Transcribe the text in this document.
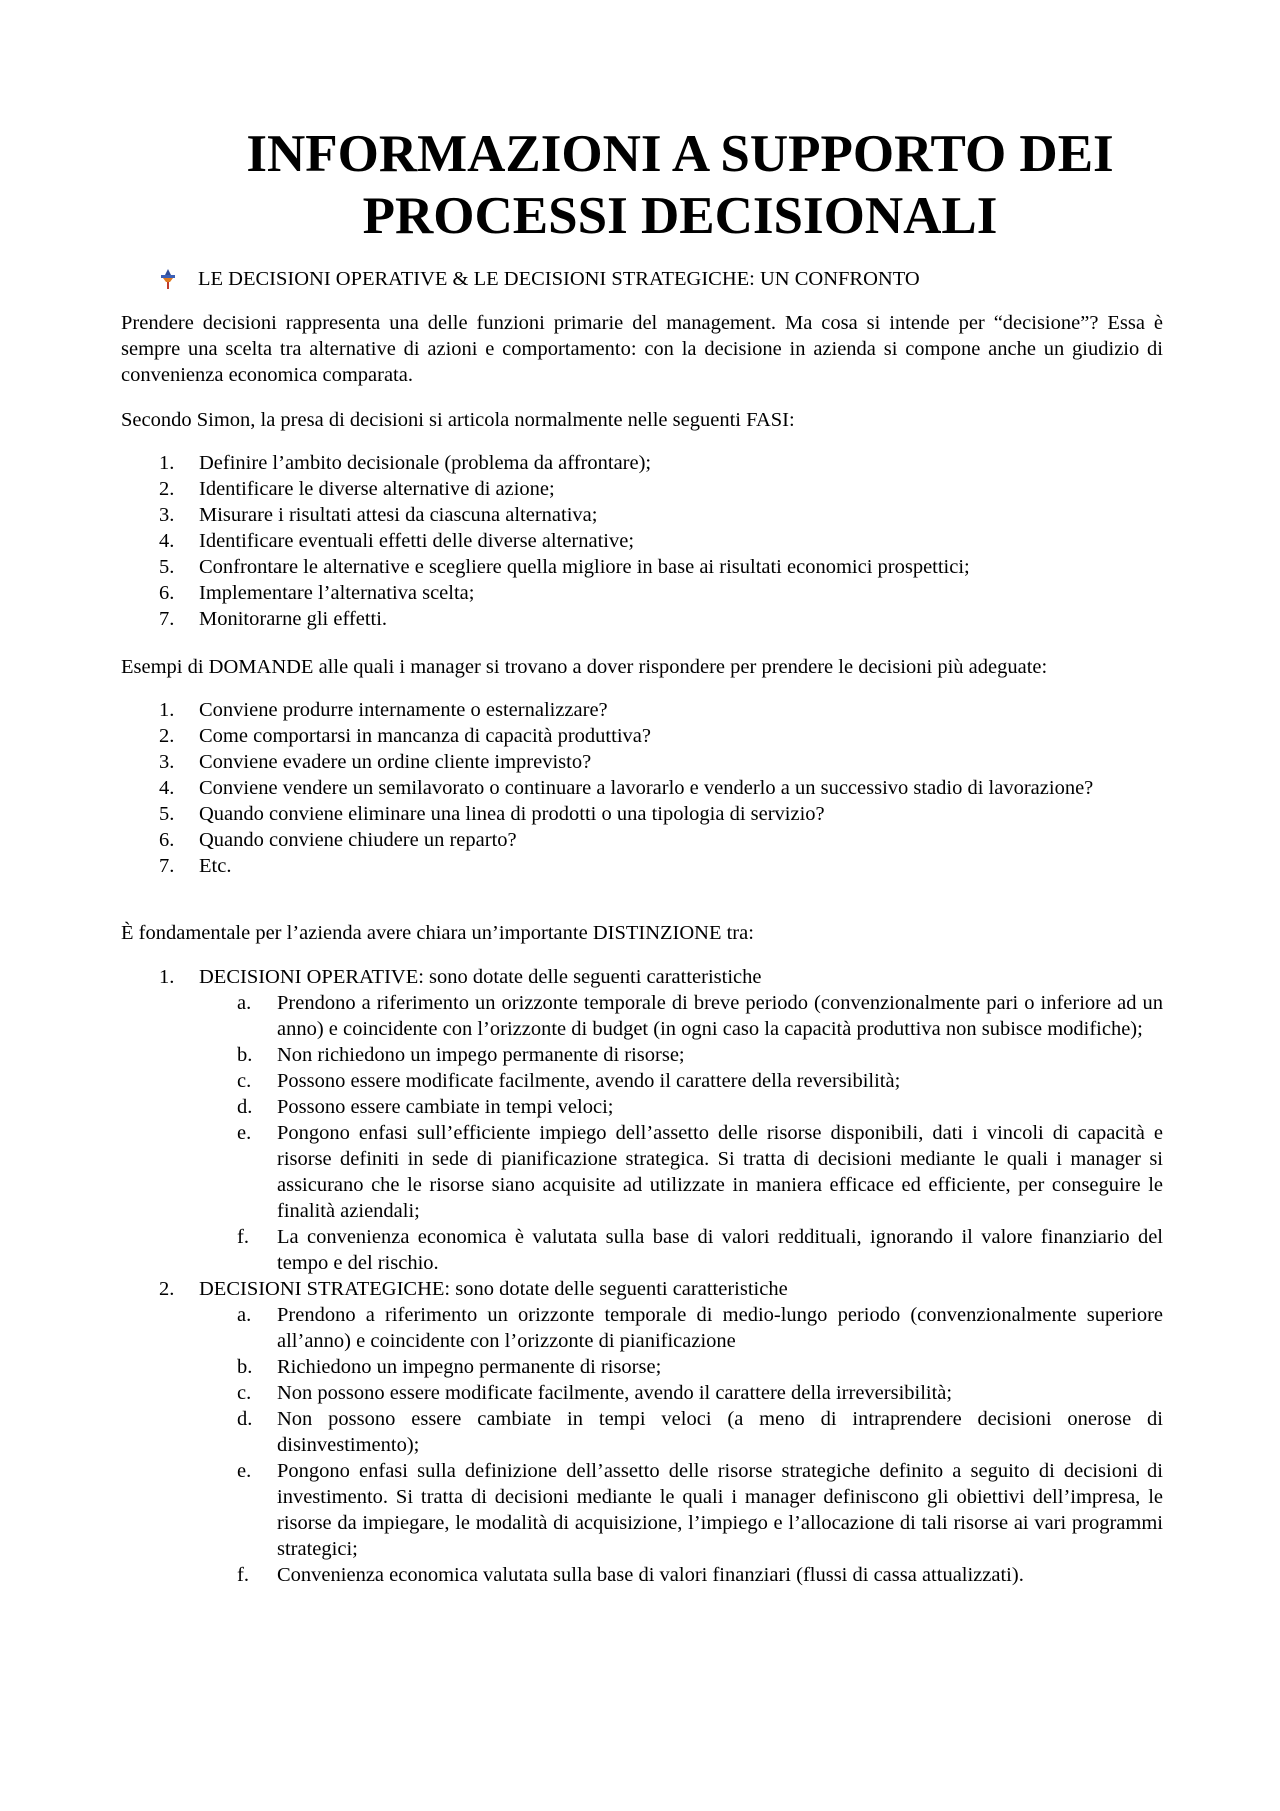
INFORMAZIONI A SUPPORTO DEI
PROCESSI DECISIONALI
LE DECISIONI OPERATIVE & LE DECISIONI STRATEGICHE: UN CONFRONTO

Prendere decisioni rappresenta una delle funzioni primarie del management. Ma cosa si intende per “decisione”? Essa è sempre una scelta tra alternative di azioni e comportamento: con la decisione in azienda si compone anche un giudizio di convenienza economica comparata.

Secondo Simon, la presa di decisioni si articola normalmente nelle seguenti FASI:

1.	Definire l’ambito decisionale (problema da affrontare);
2.	Identificare le diverse alternative di azione;
3.	Misurare i risultati attesi da ciascuna alternativa;
4.	Identificare eventuali effetti delle diverse alternative;
5.	Confrontare le alternative e scegliere quella migliore in base ai risultati economici prospettici;
6.	Implementare l’alternativa scelta;
7.	Monitorarne gli effetti.

Esempi di DOMANDE alle quali i manager si trovano a dover rispondere per prendere le decisioni più adeguate:

1.	Conviene produrre internamente o esternalizzare?
2.	Come comportarsi in mancanza di capacità produttiva?
3.	Conviene evadere un ordine cliente imprevisto?
4.	Conviene vendere un semilavorato o continuare a lavorarlo e venderlo a un successivo stadio di lavorazione?
5.	Quando conviene eliminare una linea di prodotti o una tipologia di servizio?
6.	Quando conviene chiudere un reparto?
7.	Etc.

È fondamentale per l’azienda avere chiara un’importante DISTINZIONE tra:

1.	DECISIONI OPERATIVE: sono dotate delle seguenti caratteristiche
a.	Prendono a riferimento un orizzonte temporale di breve periodo (convenzionalmente pari o inferiore ad un anno) e coincidente con l’orizzonte di budget (in ogni caso la capacità produttiva non subisce modifiche);
b.	Non richiedono un impego permanente di risorse;
c.	Possono essere modificate facilmente, avendo il carattere della reversibilità;
d.	Possono essere cambiate in tempi veloci;
e.	Pongono enfasi sull’efficiente impiego dell’assetto delle risorse disponibili, dati i vincoli di capacità e risorse definiti in sede di pianificazione strategica. Si tratta di decisioni mediante le quali i manager si assicurano che le risorse siano acquisite ad utilizzate in maniera efficace ed efficiente, per conseguire le finalità aziendali;
f.	La convenienza economica è valutata sulla base di valori reddituali, ignorando il valore finanziario del tempo e del rischio.
2.	DECISIONI STRATEGICHE: sono dotate delle seguenti caratteristiche
a.	Prendono a riferimento un orizzonte temporale di medio-lungo periodo (convenzionalmente superiore all’anno) e coincidente con l’orizzonte di pianificazione
b.	Richiedono un impegno permanente di risorse;
c.	Non possono essere modificate facilmente, avendo il carattere della irreversibilità;
d.	Non possono essere cambiate in tempi veloci (a meno di intraprendere decisioni onerose di disinvestimento);
e.	Pongono enfasi sulla definizione dell’assetto delle risorse strategiche definito a seguito di decisioni di investimento. Si tratta di decisioni mediante le quali i manager definiscono gli obiettivi dell’impresa, le risorse da impiegare, le modalità di acquisizione, l’impiego e l’allocazione di tali risorse ai vari programmi strategici;
f.	Convenienza economica valutata sulla base di valori finanziari (flussi di cassa attualizzati).
